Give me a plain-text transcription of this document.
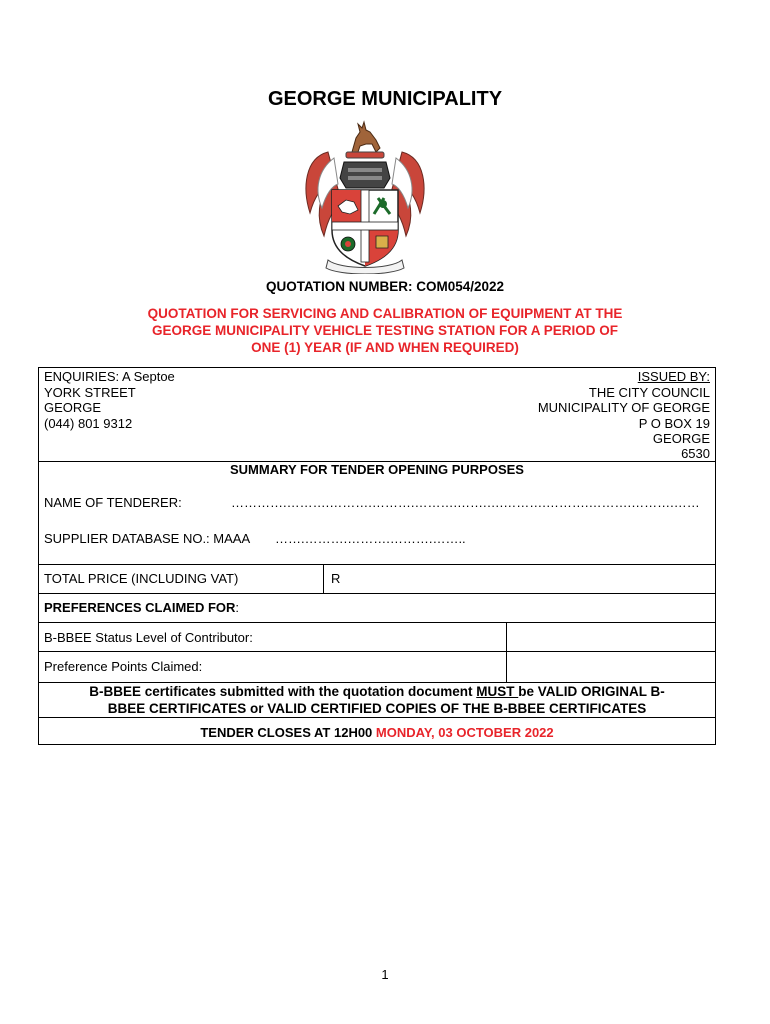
GEORGE MUNICIPALITY
QUOTATION NUMBER: COM054/2022
QUOTATION FOR SERVICING AND CALIBRATION OF EQUIPMENT AT THE
GEORGE MUNICIPALITY VEHICLE TESTING STATION FOR A PERIOD OF
ONE (1) YEAR (IF AND WHEN REQUIRED)
ENQUIRIES: A Septoe
YORK STREET
GEORGE
(044) 801 9312
ISSUED BY:
THE CITY COUNCIL
MUNICIPALITY OF GEORGE
P O BOX 19
GEORGE
6530
SUMMARY FOR TENDER OPENING PURPOSES
NAME OF TENDERER:	………….……….……….……….……….…….….……….……….……….……….……
SUPPLIER DATABASE NO.: MAAA …….……….……….……….……..
TOTAL PRICE (INCLUDING VAT)	R
PREFERENCES CLAIMED FOR:
B-BBEE Status Level of Contributor:
Preference Points Claimed:
B-BBEE certificates submitted with the quotation document MUST be VALID ORIGINAL B-
BBEE CERTIFICATES or VALID CERTIFIED COPIES OF THE B-BBEE CERTIFICATES
TENDER CLOSES AT 12H00 MONDAY, 03 OCTOBER 2022
1
